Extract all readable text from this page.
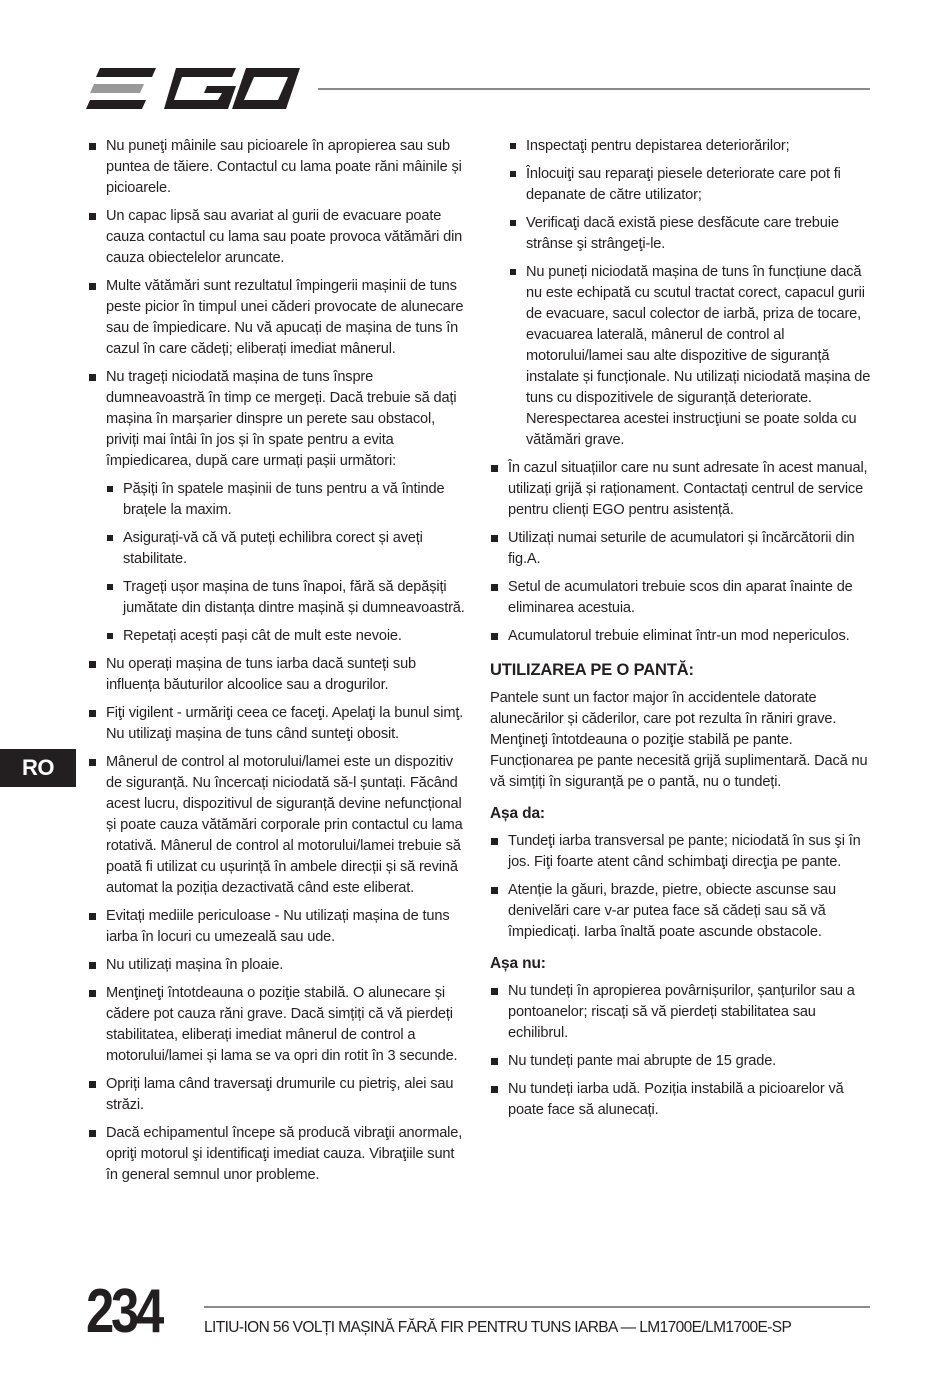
RO
Nu puneţi mâinile sau picioarele în apropierea sau sub puntea de tăiere. Contactul cu lama poate răni mâinile și picioarele.
Un capac lipsă sau avariat al gurii de evacuare poate cauza contactul cu lama sau poate provoca vătămări din cauza obiectelelor aruncate.
Multe vătămări sunt rezultatul împingerii mașinii de tuns peste picior în timpul unei căderi provocate de alunecare sau de împiedicare. Nu vă apucați de mașina de tuns în cazul în care cădeți; eliberați imediat mânerul.
Nu trageți niciodată mașina de tuns înspre dumneavoastră în timp ce mergeți. Dacă trebuie să dați mașina în marșarier dinspre un perete sau obstacol, priviți mai întâi în jos și în spate pentru a evita împiedicarea, după care urmați pașii următori:
Pășiți în spatele mașinii de tuns pentru a vă întinde brațele la maxim.
Asigurați-vă că vă puteți echilibra corect și aveți stabilitate.
Trageți ușor mașina de tuns înapoi, fără să depășiți jumătate din distanța dintre mașină și dumneavoastră.
Repetați acești pași cât de mult este nevoie.
Nu operați mașina de tuns iarba dacă sunteți sub influența băuturilor alcoolice sau a drogurilor.
Fiţi vigilent - urmăriţi ceea ce faceţi. Apelaţi la bunul simţ. Nu utilizaţi mașina de tuns când sunteţi obosit.
Mânerul de control al motorului/lamei este un dispozitiv de siguranță. Nu încercați niciodată să-l șuntați. Făcând acest lucru, dispozitivul de siguranță devine nefuncțional și poate cauza vătămări corporale prin contactul cu lama rotativă. Mânerul de control al motorului/lamei trebuie să poată fi utilizat cu ușurință în ambele direcții și să revină automat la poziția dezactivată când este eliberat.
Evitați mediile periculoase - Nu utilizați mașina de tuns iarba în locuri cu umezeală sau ude.
Nu utilizați mașina în ploaie.
Menţineţi întotdeauna o poziţie stabilă. O alunecare și cădere pot cauza răni grave. Dacă simțiți că vă pierdeți stabilitatea, eliberați imediat mânerul de control a motorului/lamei și lama se va opri din rotit în 3 secunde.
Opriți lama când traversaţi drumurile cu pietriş, alei sau străzi.
Dacă echipamentul începe să producă vibraţii anormale, opriţi motorul şi identificaţi imediat cauza. Vibraţiile sunt în general semnul unor probleme.
Inspectaţi pentru depistarea deteriorărilor;
Înlocuiţi sau reparaţi piesele deteriorate care pot fi depanate de către utilizator;
Verificaţi dacă există piese desfăcute care trebuie strânse şi strângeţi-le.
Nu puneți niciodată mașina de tuns în funcțiune dacă nu este echipată cu scutul tractat corect, capacul gurii de evacuare, sacul colector de iarbă, priza de tocare, evacuarea laterală, mânerul de control al motorului/lamei sau alte dispozitive de siguranță instalate și funcționale. Nu utilizați niciodată mașina de tuns cu dispozitivele de siguranță deteriorate. Nerespectarea acestei instrucţiuni se poate solda cu vătămări grave.
În cazul situațiilor care nu sunt adresate în acest manual, utilizați grijă și raționament. Contactați centrul de service pentru clienți EGO pentru asistență.
Utilizați numai seturile de acumulatori și încărcătorii din fig.A.
Setul de acumulatori trebuie scos din aparat înainte de eliminarea acestuia.
Acumulatorul trebuie eliminat într-un mod nepericulos.
UTILIZAREA PE O PANTĂ:

Pantele sunt un factor major în accidentele datorate alunecărilor și căderilor, care pot rezulta în răniri grave. Menţineţi întotdeauna o poziţie stabilă pe pante. Funcționarea pe pante necesită grijă suplimentară. Dacă nu vă simțiți în siguranță pe o pantă, nu o tundeți.

Așa da:
Tundeţi iarba transversal pe pante; niciodată în sus şi în jos. Fiţi foarte atent când schimbaţi direcţia pe pante.
Atenție la găuri, brazde, pietre, obiecte ascunse sau denivelări care v-ar putea face să cădeți sau să vă împiedicați. Iarba înaltă poate ascunde obstacole.
Așa nu:
Nu tundeți în apropierea povârnișurilor, șanțurilor sau a pontoanelor; riscați să vă pierdeți stabilitatea sau echilibrul.
Nu tundeți pante mai abrupte de 15 grade.
Nu tundeți iarba udă. Poziția instabilă a picioarelor vă poate face să alunecați.
234	LITIU-ION 56 VOLȚI MAȘINĂ FĂRĂ FIR PENTRU TUNS IARBA — LM1700E/LM1700E-SP
